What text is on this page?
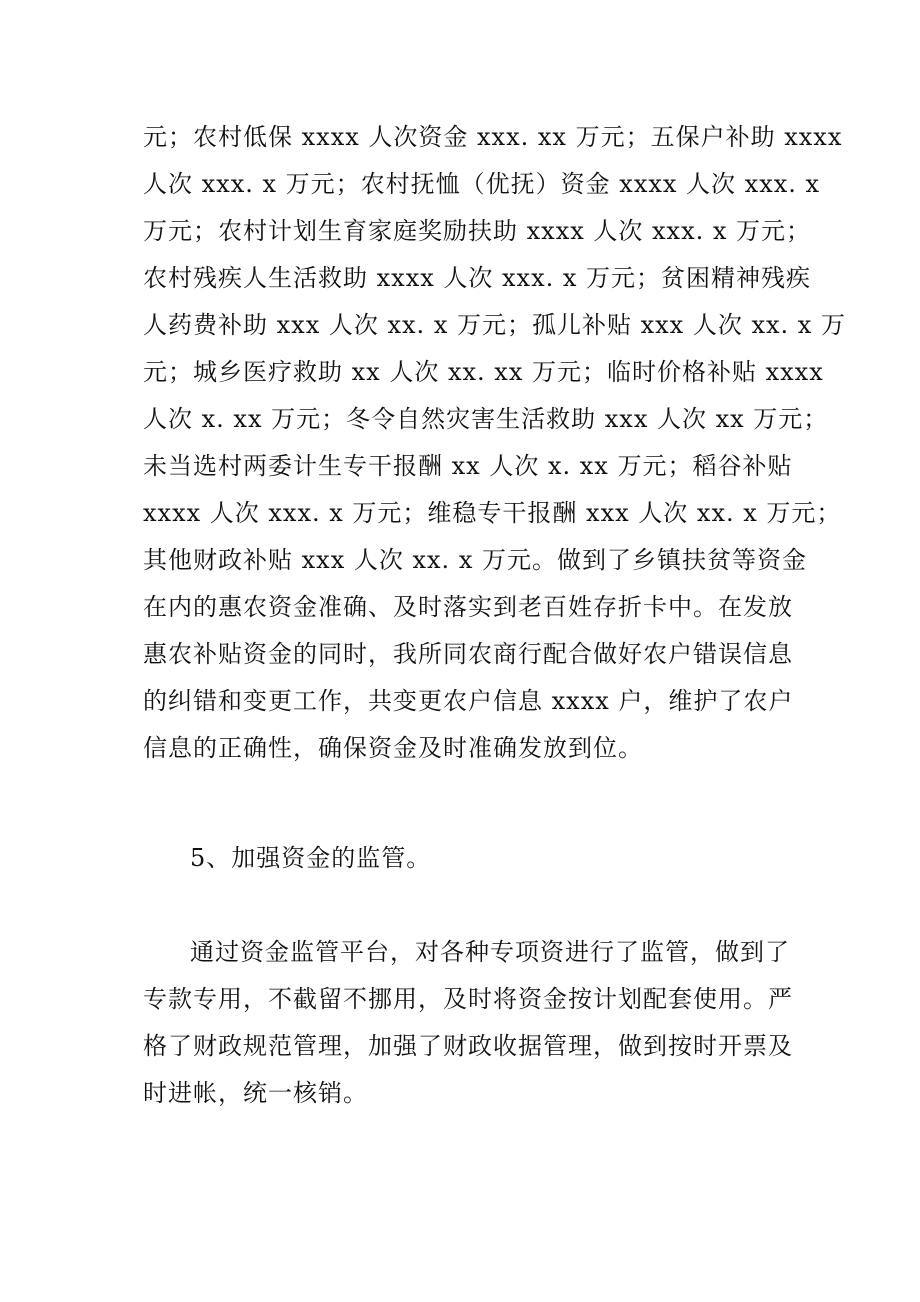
元；农村低保 xxxx 人次资金 xxx. xx 万元；五保户补助 xxxx
人次 xxx. x 万元；农村抚恤（优抚）资金 xxxx 人次 xxx. x
万元；农村计划生育家庭奖励扶助 xxxx 人次 xxx. x 万元；
农村残疾人生活救助 xxxx 人次 xxx. x 万元；贫困精神残疾
人药费补助 xxx 人次 xx. x 万元；孤儿补贴 xxx 人次 xx. x 万
元；城乡医疗救助 xx 人次 xx. xx 万元；临时价格补贴 xxxx
人次 x. xx 万元；冬令自然灾害生活救助 xxx 人次 xx 万元；
未当选村两委计生专干报酬 xx 人次 x. xx 万元；稻谷补贴
xxxx 人次 xxx. x 万元；维稳专干报酬 xxx 人次 xx. x 万元；
其他财政补贴 xxx 人次 xx. x 万元。做到了乡镇扶贫等资金
在内的惠农资金准确、及时落实到老百姓存折卡中。在发放
惠农补贴资金的同时，我所同农商行配合做好农户错误信息
的纠错和变更工作，共变更农户信息 xxxx 户，维护了农户
信息的正确性，确保资金及时准确发放到位。
5、加强资金的监管。
通过资金监管平台，对各种专项资进行了监管，做到了
专款专用，不截留不挪用，及时将资金按计划配套使用。严
格了财政规范管理，加强了财政收据管理，做到按时开票及
时进帐，统一核销。
